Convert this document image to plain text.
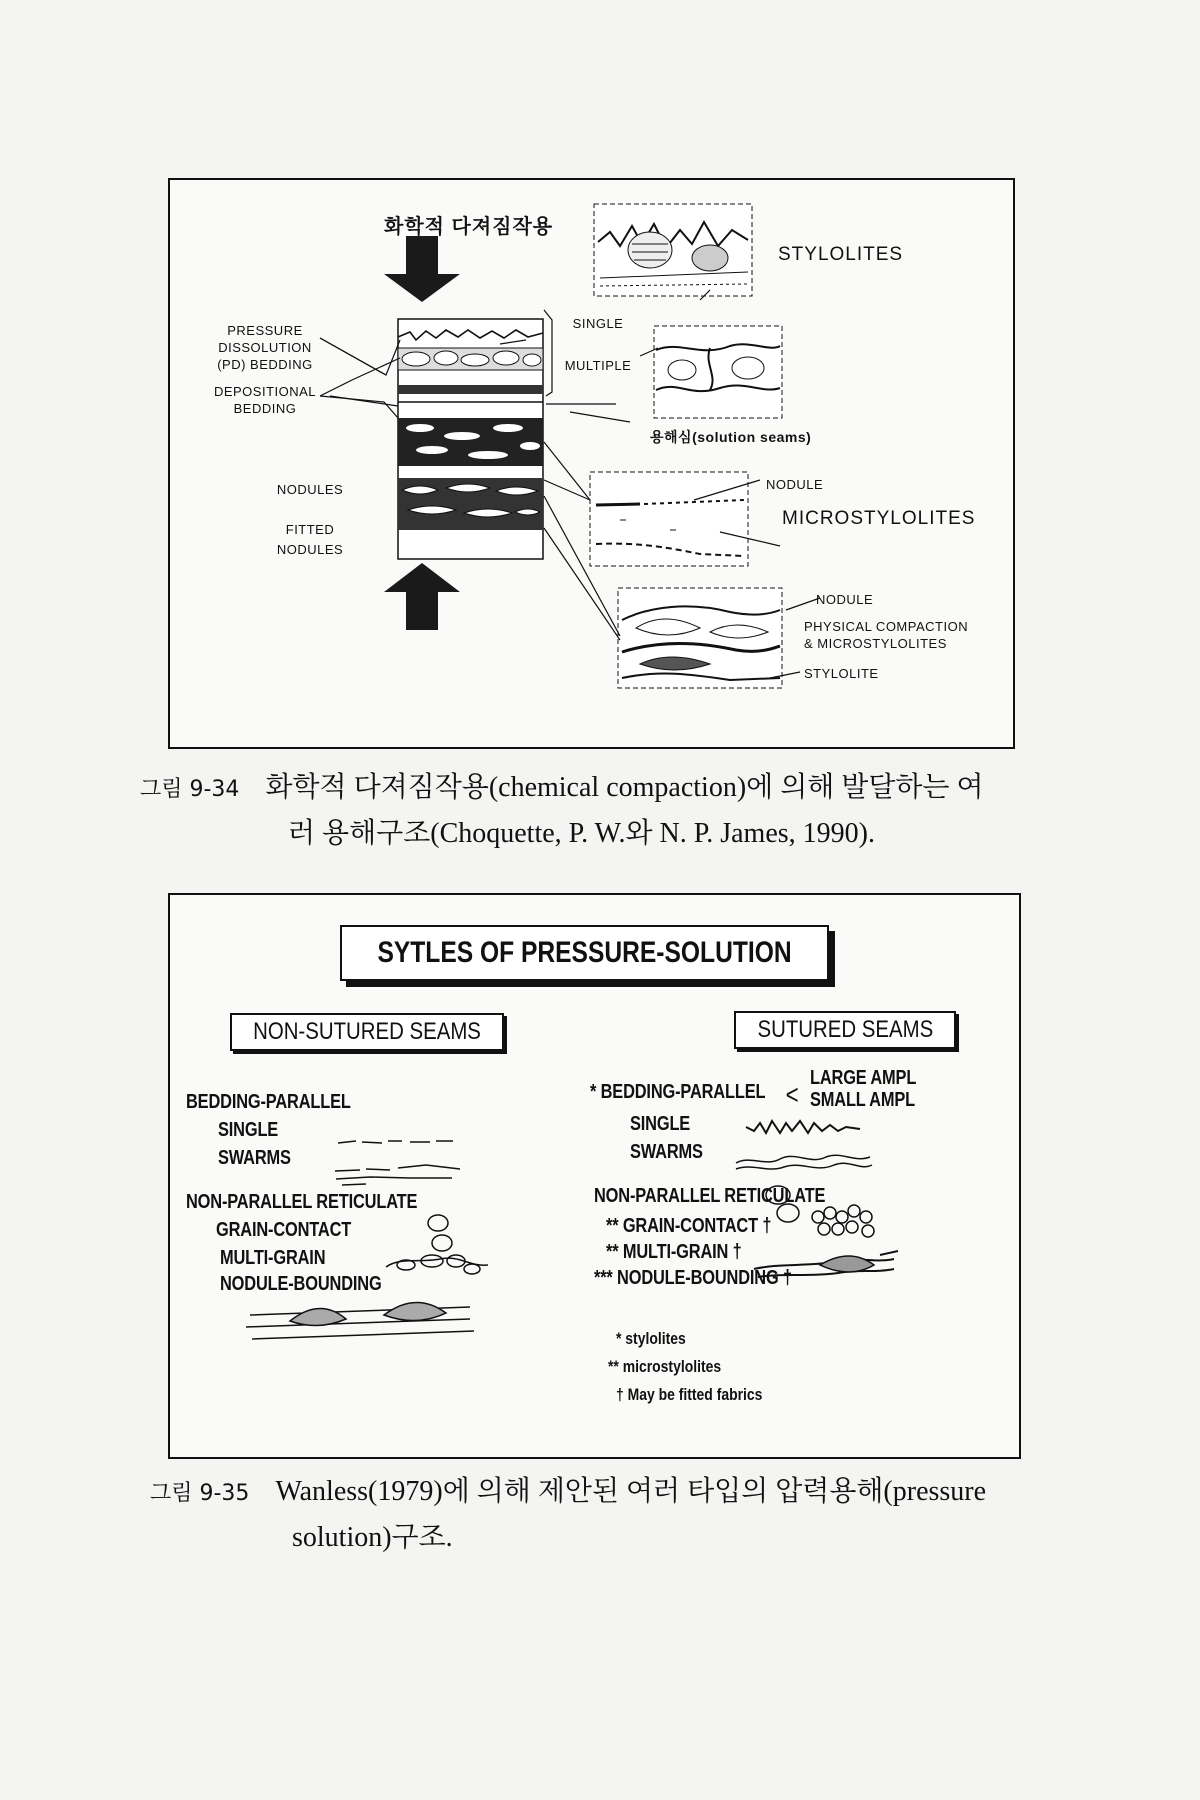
화학적 다져짐작용
PRESSURE
DISSOLUTION
(PD) BEDDING
DEPOSITIONAL
BEDDING
NODULES
FITTED
NODULES
SINGLE
MULTIPLE
STYLOLITES
용해심(solution seams)
NODULE
MICROSTYLOLITES
NODULE
PHYSICAL COMPACTION
& MICROSTYLOLITES
STYLOLITE
그림 9-34 화학적 다져짐작용(chemical compaction)에 의해 발달하는 여
러 용해구조(Choquette, P. W.와 N. P. James, 1990).
SYTLES OF PRESSURE-SOLUTION
NON-SUTURED SEAMS	SUTURED SEAMS
BEDDING-PARALLEL
SINGLE
SWARMS
NON-PARALLEL RETICULATE
GRAIN-CONTACT
MULTI-GRAIN
NODULE-BOUNDING
* BEDDING-PARALLEL <
LARGE AMPL
SMALL AMPL
SINGLE
SWARMS
NON-PARALLEL RETICULATE
** GRAIN-CONTACT †
** MULTI-GRAIN †
*** NODULE-BOUNDING †
* stylolites
** microstylolites
† May be fitted fabrics
그림 9-35 Wanless(1979)에 의해 제안된 여러 타입의 압력용해(pressure
solution)구조.
